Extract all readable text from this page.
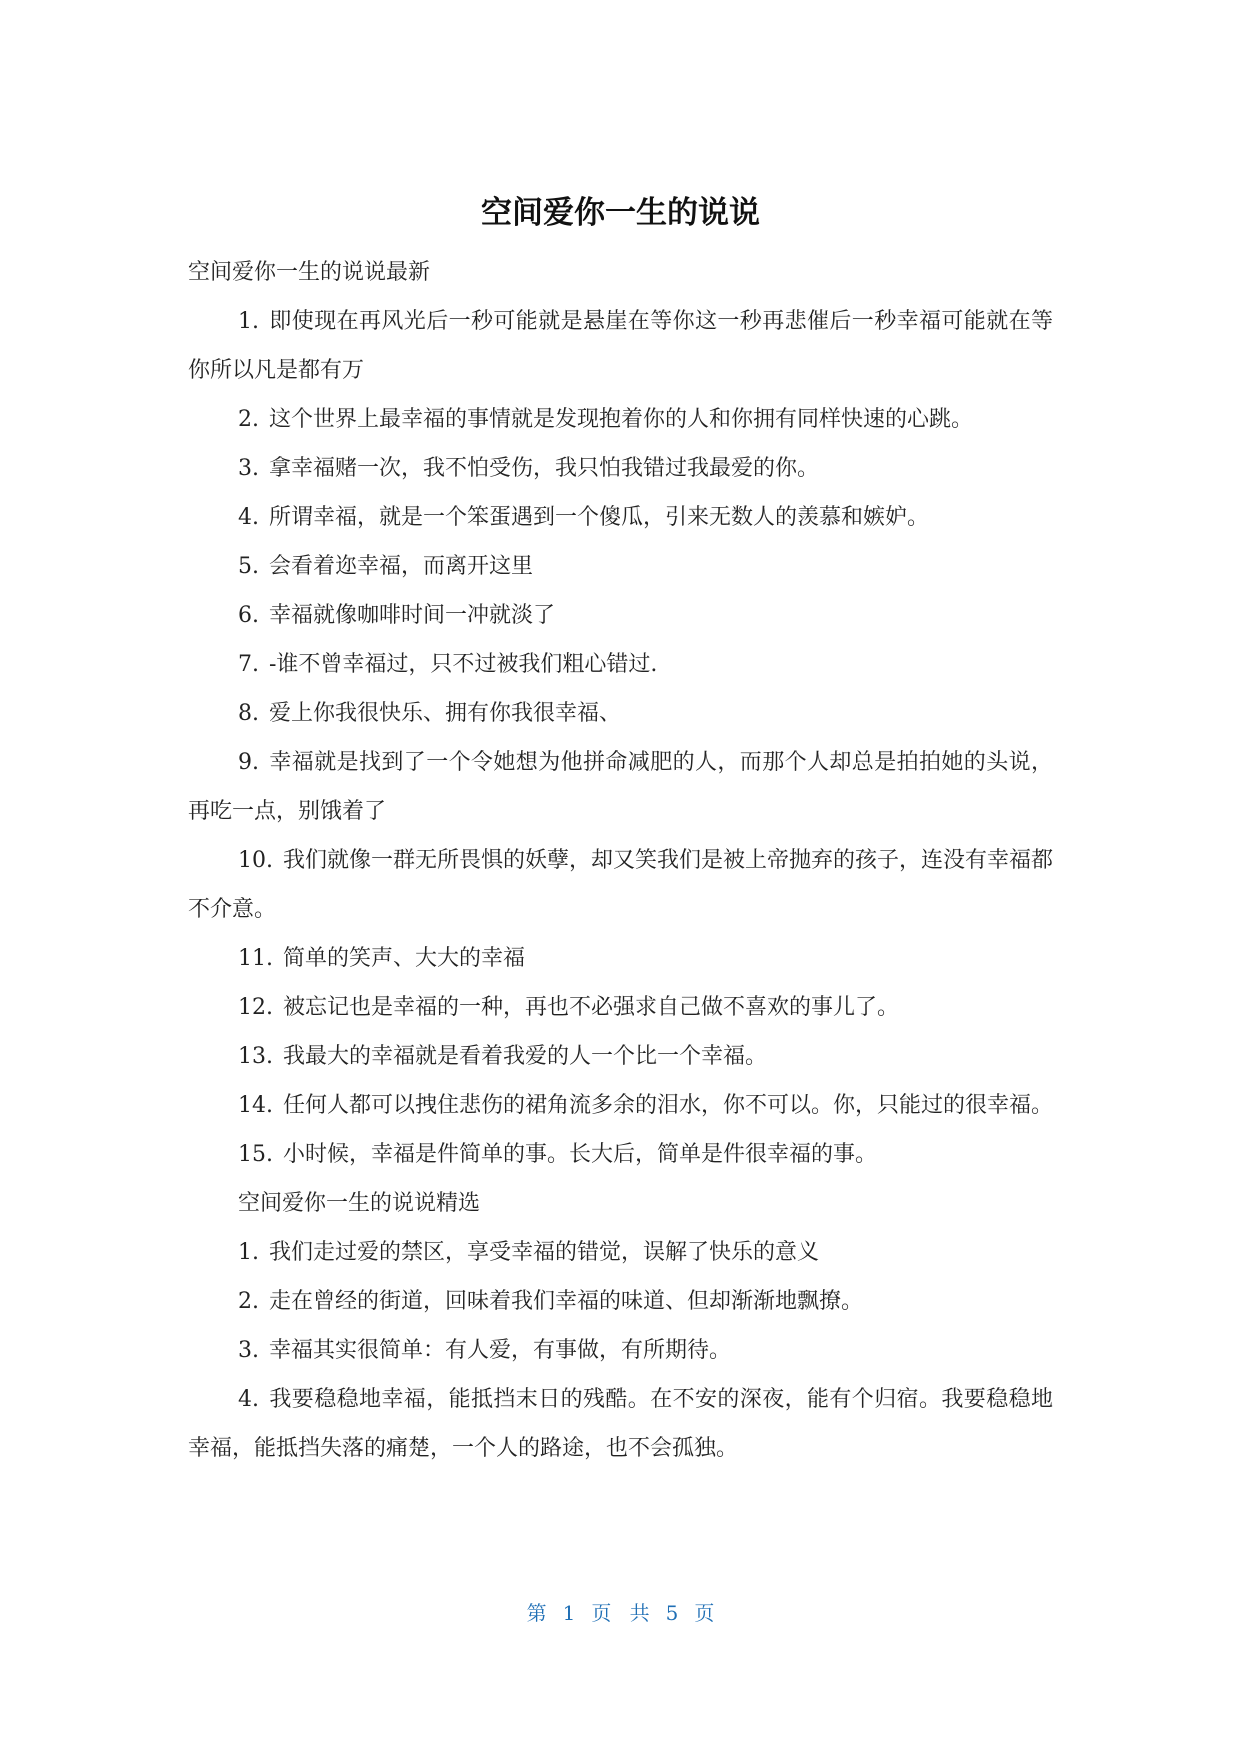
空间爱你一生的说说

空间爱你一生的说说最新

1. 即使现在再风光后一秒可能就是悬崖在等你这一秒再悲催后一秒幸福可能就在等你所以凡是都有万

2. 这个世界上最幸福的事情就是发现抱着你的人和你拥有同样快速的心跳。

3. 拿幸福赌一次，我不怕受伤，我只怕我错过我最爱的你。

4. 所谓幸福，就是一个笨蛋遇到一个傻瓜，引来无数人的羡慕和嫉妒。

5. 会看着迩幸福，而离开这里

6. 幸福就像咖啡时间一冲就淡了

7. -谁不曾幸福过，只不过被我们粗心错过.

8. 爱上你我很快乐、拥有你我很幸福、

9. 幸福就是找到了一个令她想为他拼命减肥的人，而那个人却总是拍拍她的头说，再吃一点，别饿着了

10. 我们就像一群无所畏惧的妖孽，却又笑我们是被上帝抛弃的孩子，连没有幸福都不介意。

11. 简单的笑声、大大的幸福

12. 被忘记也是幸福的一种，再也不必强求自己做不喜欢的事儿了。

13. 我最大的幸福就是看着我爱的人一个比一个幸福。

14. 任何人都可以拽住悲伤的裙角流多余的泪水，你不可以。你，只能过的很幸福。

15. 小时候，幸福是件简单的事。长大后，简单是件很幸福的事。

空间爱你一生的说说精选

1. 我们走过爱的禁区，享受幸福的错觉，误解了快乐的意义

2. 走在曾经的街道，回味着我们幸福的味道、但却渐渐地飘撩。

3. 幸福其实很简单：有人爱，有事做，有所期待。

4. 我要稳稳地幸福，能抵挡末日的残酷。在不安的深夜，能有个归宿。我要稳稳地幸福，能抵挡失落的痛楚，一个人的路途，也不会孤独。

第 1 页 共 5 页
